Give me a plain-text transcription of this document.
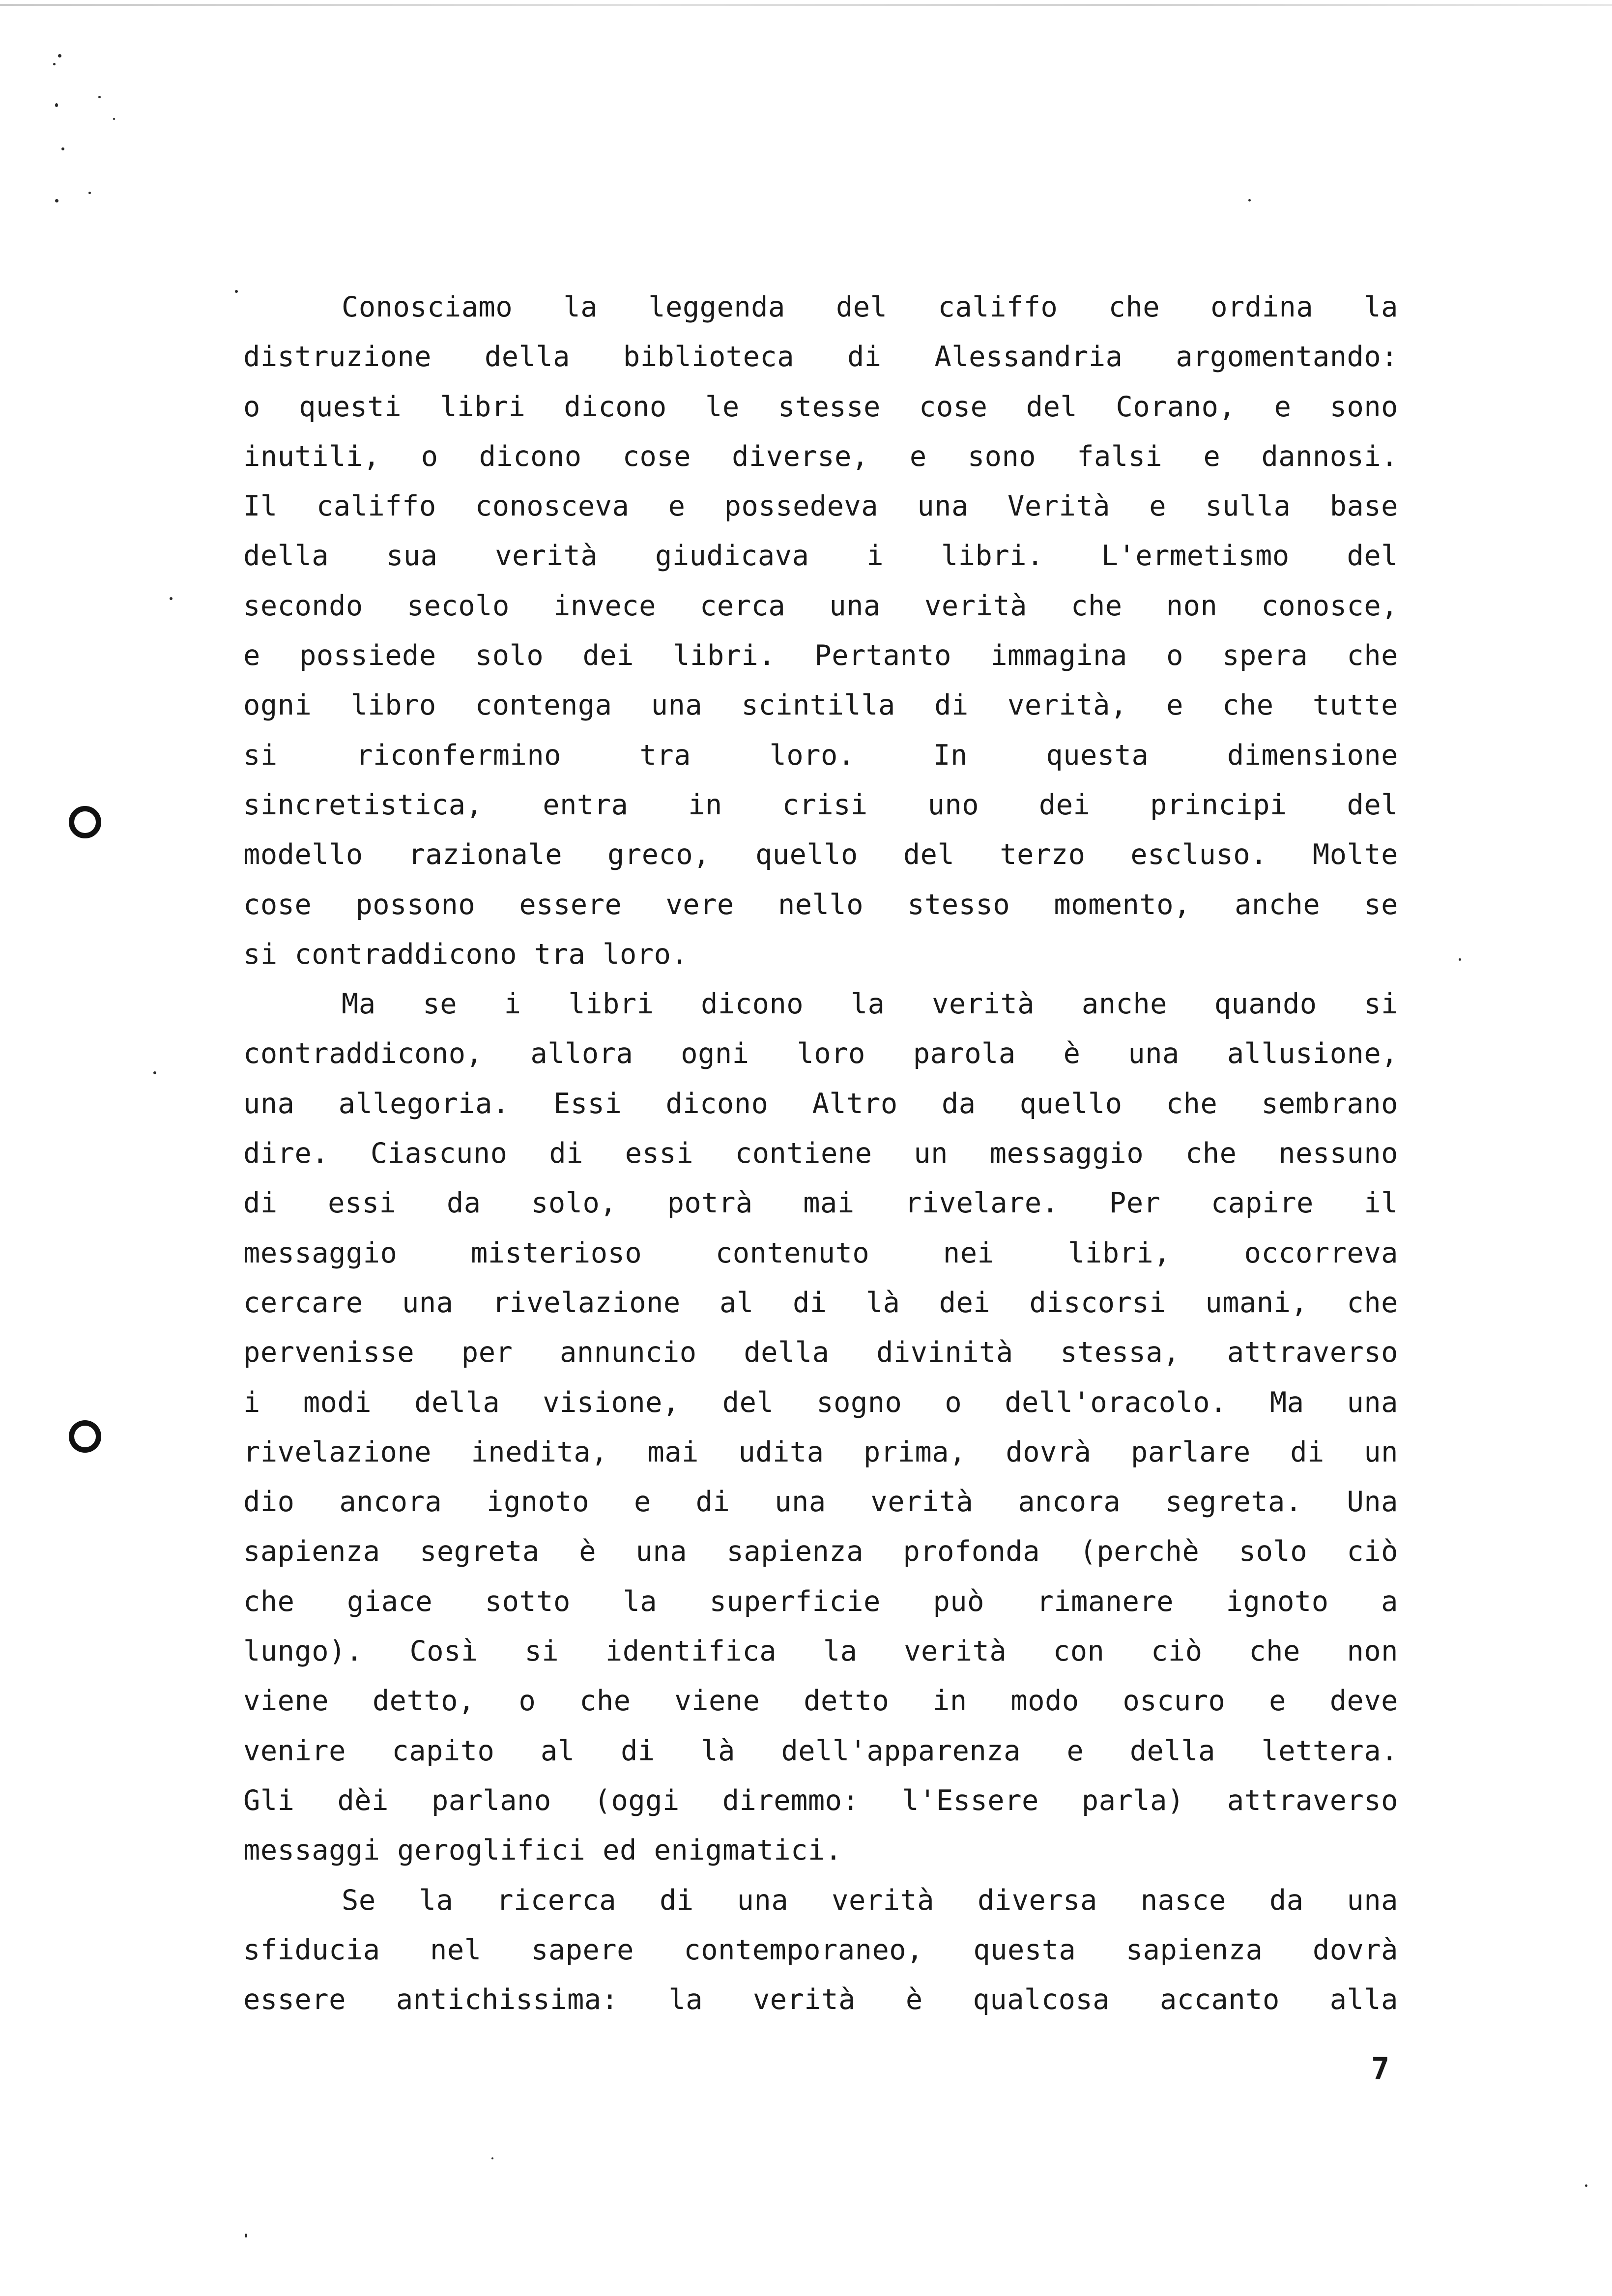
Conosciamo la leggenda del califfo che ordina la
distruzione della biblioteca di Alessandria argomentando:
o questi libri dicono le stesse cose del Corano, e sono
inutili, o dicono cose diverse, e sono falsi e dannosi.
Il califfo conosceva e possedeva una Verità e sulla base
della sua verità giudicava i libri. L'ermetismo del
secondo secolo invece cerca una verità che non conosce,
e possiede solo dei libri. Pertanto immagina o spera che
ogni libro contenga una scintilla di verità, e che tutte
si riconfermino tra loro. In questa dimensione
sincretistica, entra in crisi uno dei principi del
modello razionale greco, quello del terzo escluso. Molte
cose possono essere vere nello stesso momento, anche se
si contraddicono tra loro.
Ma se i libri dicono la verità anche quando si
contraddicono, allora ogni loro parola è una allusione,
una allegoria. Essi dicono Altro da quello che sembrano
dire. Ciascuno di essi contiene un messaggio che nessuno
di essi da solo, potrà mai rivelare. Per capire il
messaggio misterioso contenuto nei libri, occorreva
cercare una rivelazione al di là dei discorsi umani, che
pervenisse per annuncio della divinità stessa, attraverso
i modi della visione, del sogno o dell'oracolo. Ma una
rivelazione inedita, mai udita prima, dovrà parlare di un
dio ancora ignoto e di una verità ancora segreta. Una
sapienza segreta è una sapienza profonda (perchè solo ciò
che giace sotto la superficie può rimanere ignoto a
lungo). Così si identifica la verità con ciò che non
viene detto, o che viene detto in modo oscuro e deve
venire capito al di là dell'apparenza e della lettera.
Gli dèi parlano (oggi diremmo: l'Essere parla) attraverso
messaggi geroglifici ed enigmatici.
Se la ricerca di una verità diversa nasce da una
sfiducia nel sapere contemporaneo, questa sapienza dovrà
essere antichissima: la verità è qualcosa accanto alla
7
